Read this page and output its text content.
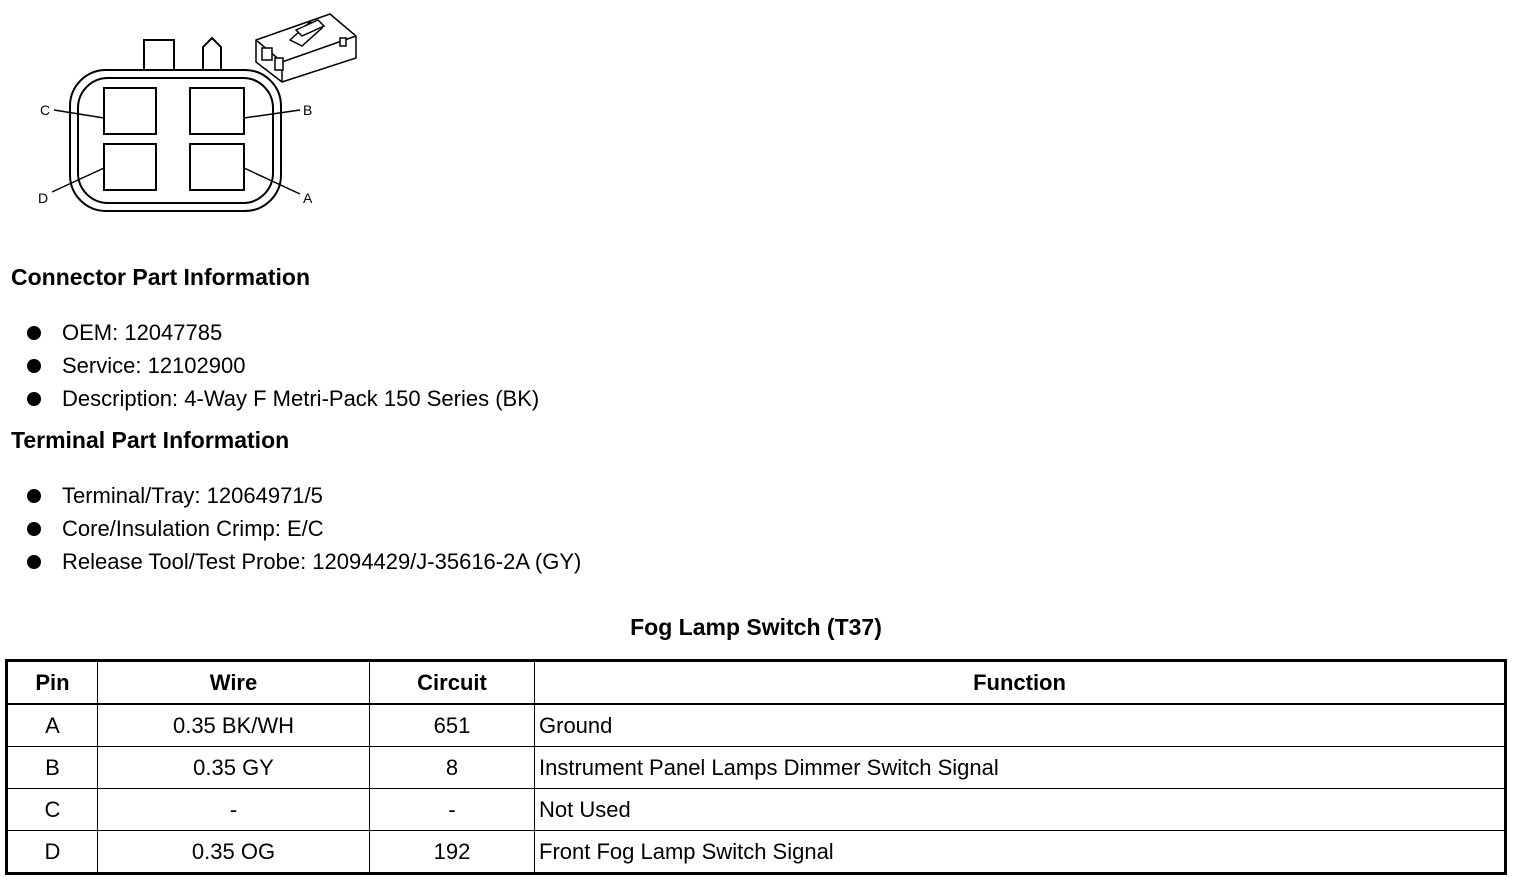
C	B
D	A
Connector Part Information
OEM: 12047785
Service: 12102900
Description: 4-Way F Metri-Pack 150 Series (BK)
Terminal Part Information
Terminal/Tray: 12064971/5
Core/Insulation Crimp: E/C
Release Tool/Test Probe: 12094429/J-35616-2A (GY)
Fog Lamp Switch (T37)
Pin	Wire	Circuit	Function
A	0.35 BK/WH	651	Ground
B	0.35 GY	8	Instrument Panel Lamps Dimmer Switch Signal
C	-	-	Not Used
D	0.35 OG	192	Front Fog Lamp Switch Signal
